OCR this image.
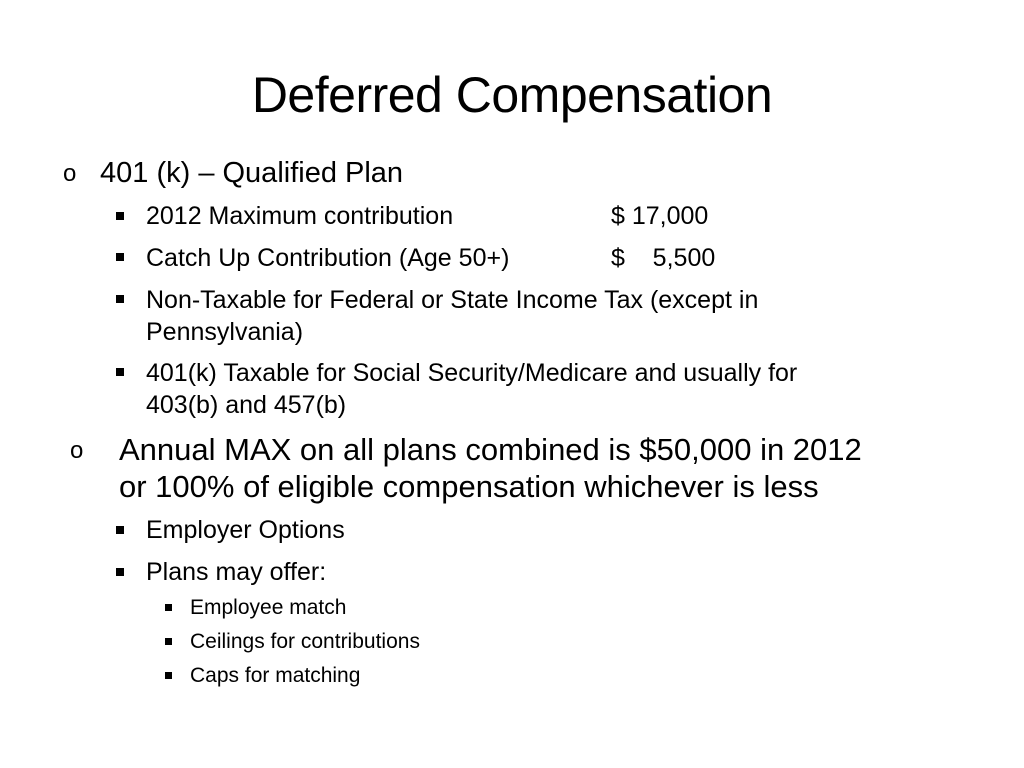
Deferred Compensation
o 401 (k) – Qualified Plan
2012 Maximum contribution	$ 17,000
Catch Up Contribution (Age 50+)	$    5,500
Non-Taxable for Federal or State Income Tax (except in
Pennsylvania)
401(k) Taxable for Social Security/Medicare and usually for
403(b) and 457(b)
o Annual MAX on all plans combined is $50,000 in 2012
or 100% of eligible compensation whichever is less
Employer Options
Plans may offer:
Employee match
Ceilings for contributions
Caps for matching
